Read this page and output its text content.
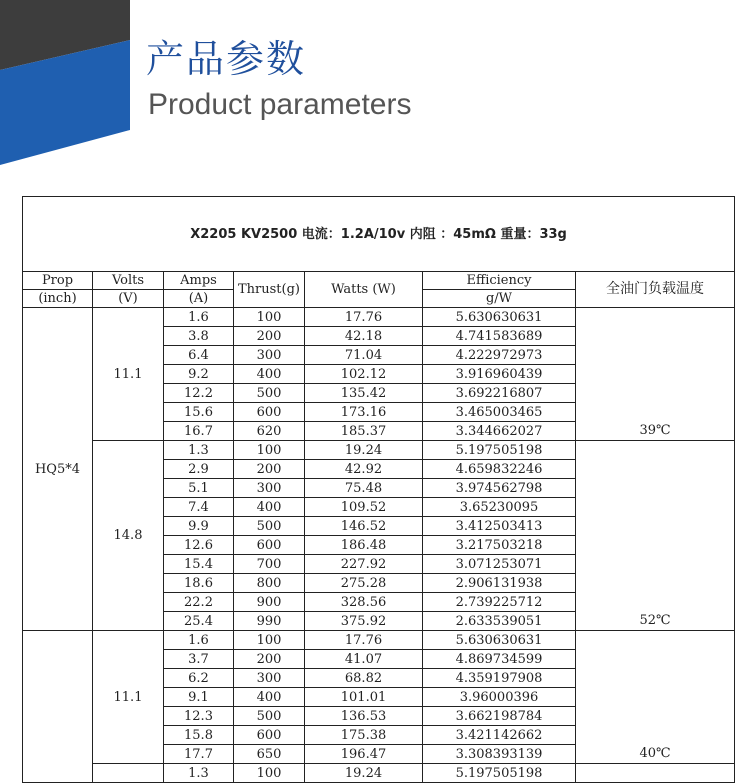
产品参数
Product parameters
X2205 KV2500 电流：1.2A/10v 内阻 ：45mΩ 重量：33g						
Prop	Volts	Amps	Thrust(g)	Watts (W)	Efficiency	全油门负载温度
(inch)	(V)	(A)			g/W	
HQ5*4	11.1	1.6	100	17.76	5.630630631	
		3.8	200	42.18	4.741583689	
		6.4	300	71.04	4.222972973	
		9.2	400	102.12	3.916960439	
		12.2	500	135.42	3.692216807	
		15.6	600	173.16	3.465003465	
		16.7	620	185.37	3.344662027	39℃
	14.8	1.3	100	19.24	5.197505198	
		2.9	200	42.92	4.659832246	
		5.1	300	75.48	3.974562798	
		7.4	400	109.52	3.65230095	
		9.9	500	146.52	3.412503413	
		12.6	600	186.48	3.217503218	
		15.4	700	227.92	3.071253071	
		18.6	800	275.28	2.906131938	
		22.2	900	328.56	2.739225712	
		25.4	990	375.92	2.633539051	52℃
	11.1	1.6	100	17.76	5.630630631	
		3.7	200	41.07	4.869734599	
		6.2	300	68.82	4.359197908	
		9.1	400	101.01	3.96000396	
		12.3	500	136.53	3.662198784	
		15.8	600	175.38	3.421142662	
		17.7	650	196.47	3.308393139	40℃
		1.3	100	19.24	5.197505198	
